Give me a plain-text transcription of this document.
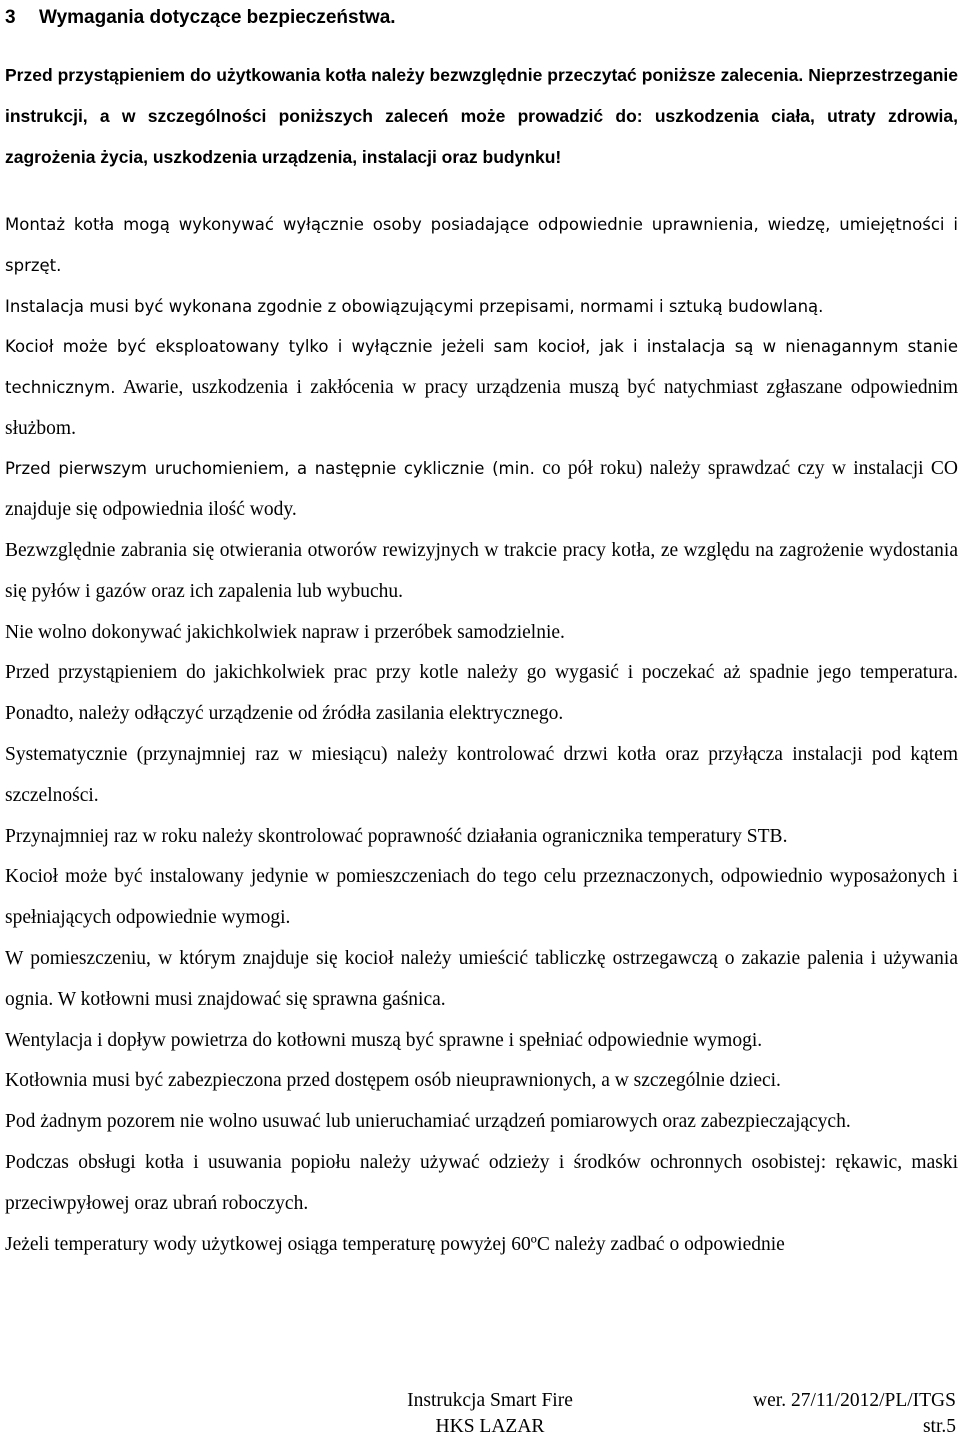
3 Wymagania dotyczące bezpieczeństwa.

Przed przystąpieniem do użytkowania kotła należy bezwzględnie przeczytać poniższe zalecenia. Nieprzestrzeganie instrukcji, a w szczególności poniższych zaleceń może prowadzić do: uszkodzenia ciała, utraty zdrowia, zagrożenia życia, uszkodzenia urządzenia, instalacji oraz budynku!

Montaż kotła mogą wykonywać wyłącznie osoby posiadające odpowiednie uprawnienia, wiedzę, umiejętności i sprzęt.

Instalacja musi być wykonana zgodnie z obowiązującymi przepisami, normami i sztuką budowlaną.

Kocioł może być eksploatowany tylko i wyłącznie jeżeli sam kocioł, jak i instalacja są w nienagannym stanie technicznym. Awarie, uszkodzenia i zakłócenia w pracy urządzenia muszą być natychmiast zgłaszane odpowiednim służbom.

Przed pierwszym uruchomieniem, a następnie cyklicznie (min. co pół roku) należy sprawdzać czy w instalacji CO znajduje się odpowiednia ilość wody.

Bezwzględnie zabrania się otwierania otworów rewizyjnych w trakcie pracy kotła, ze względu na zagrożenie wydostania się pyłów i gazów oraz ich zapalenia lub wybuchu.

Nie wolno dokonywać jakichkolwiek napraw i przeróbek samodzielnie.

Przed przystąpieniem do jakichkolwiek prac przy kotle należy go wygasić i poczekać aż spadnie jego temperatura. Ponadto, należy odłączyć urządzenie od źródła zasilania elektrycznego.

Systematycznie (przynajmniej raz w miesiącu) należy kontrolować drzwi kotła oraz przyłącza instalacji pod kątem szczelności.

Przynajmniej raz w roku należy skontrolować poprawność działania ogranicznika temperatury STB.

Kocioł może być instalowany jedynie w pomieszczeniach do tego celu przeznaczonych, odpowiednio wyposażonych i spełniających odpowiednie wymogi.

W pomieszczeniu, w którym znajduje się kocioł należy umieścić tabliczkę ostrzegawczą o zakazie palenia i używania ognia. W kotłowni musi znajdować się sprawna gaśnica.

Wentylacja i dopływ powietrza do kotłowni muszą być sprawne i spełniać odpowiednie wymogi.

Kotłownia musi być zabezpieczona przed dostępem osób nieuprawnionych, a w szczególnie dzieci.

Pod żadnym pozorem nie wolno usuwać lub unieruchamiać urządzeń pomiarowych oraz zabezpieczających.

Podczas obsługi kotła i usuwania popiołu należy używać odzieży i środków ochronnych osobistej: rękawic, maski przeciwpyłowej oraz ubrań roboczych.

Jeżeli temperatury wody użytkowej osiąga temperaturę powyżej 60ºC należy zadbać o odpowiednie

Instrukcja Smart Fire
HKS LAZAR
wer. 27/11/2012/PL/ITGS
str.5
